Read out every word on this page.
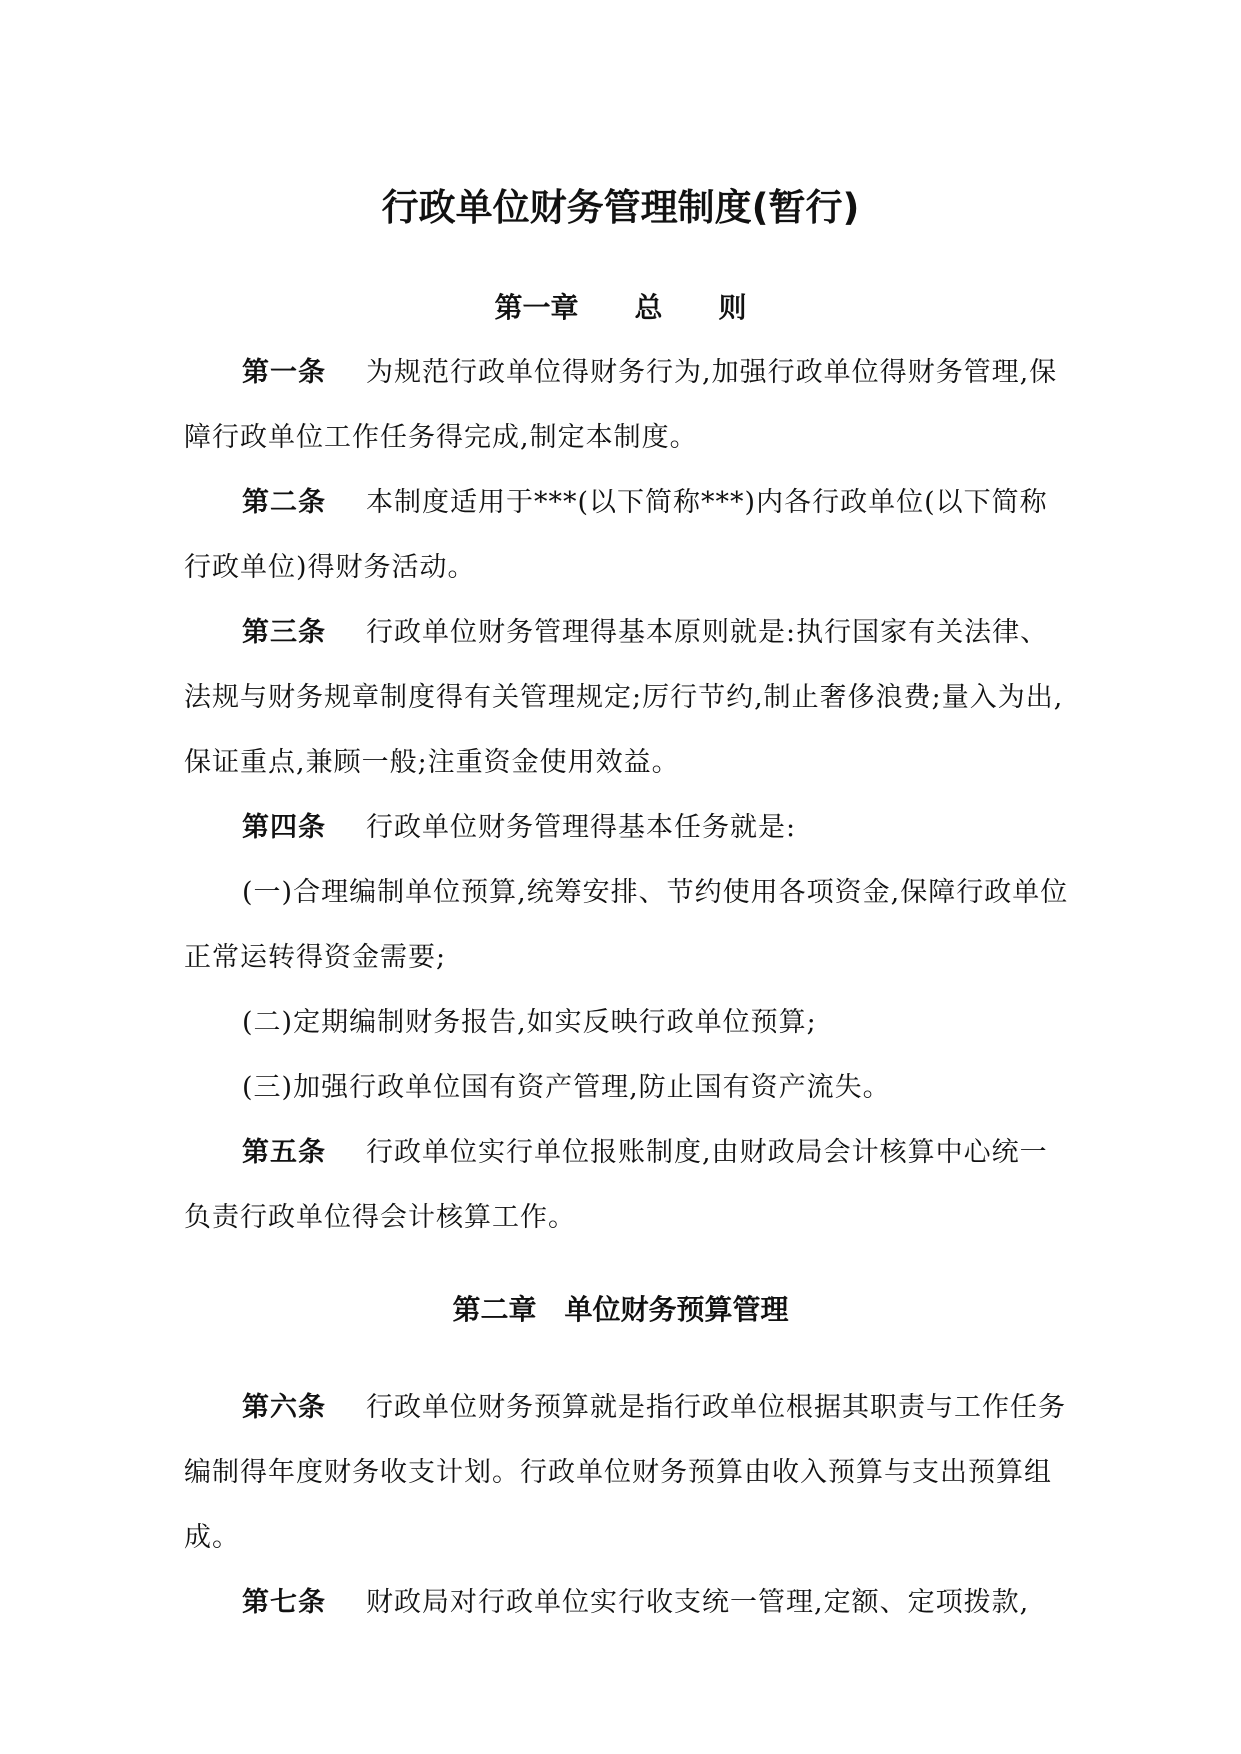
行政单位财务管理制度(暂行)
第一章　　总　　则

第一条 为规范行政单位得财务行为,加强行政单位得财务管理,保障行政单位工作任务得完成,制定本制度。

第二条 本制度适用于***(以下简称***)内各行政单位(以下简称行政单位)得财务活动。

第三条 行政单位财务管理得基本原则就是:执行国家有关法律、法规与财务规章制度得有关管理规定;厉行节约,制止奢侈浪费;量入为出,保证重点,兼顾一般;注重资金使用效益。

第四条 行政单位财务管理得基本任务就是:

(一)合理编制单位预算,统筹安排、节约使用各项资金,保障行政单位正常运转得资金需要;

(二)定期编制财务报告,如实反映行政单位预算;

(三)加强行政单位国有资产管理,防止国有资产流失。

第五条 行政单位实行单位报账制度,由财政局会计核算中心统一负责行政单位得会计核算工作。

第二章　单位财务预算管理

第六条 行政单位财务预算就是指行政单位根据其职责与工作任务编制得年度财务收支计划。行政单位财务预算由收入预算与支出预算组成。

第七条 财政局对行政单位实行收支统一管理,定额、定项拨款,
